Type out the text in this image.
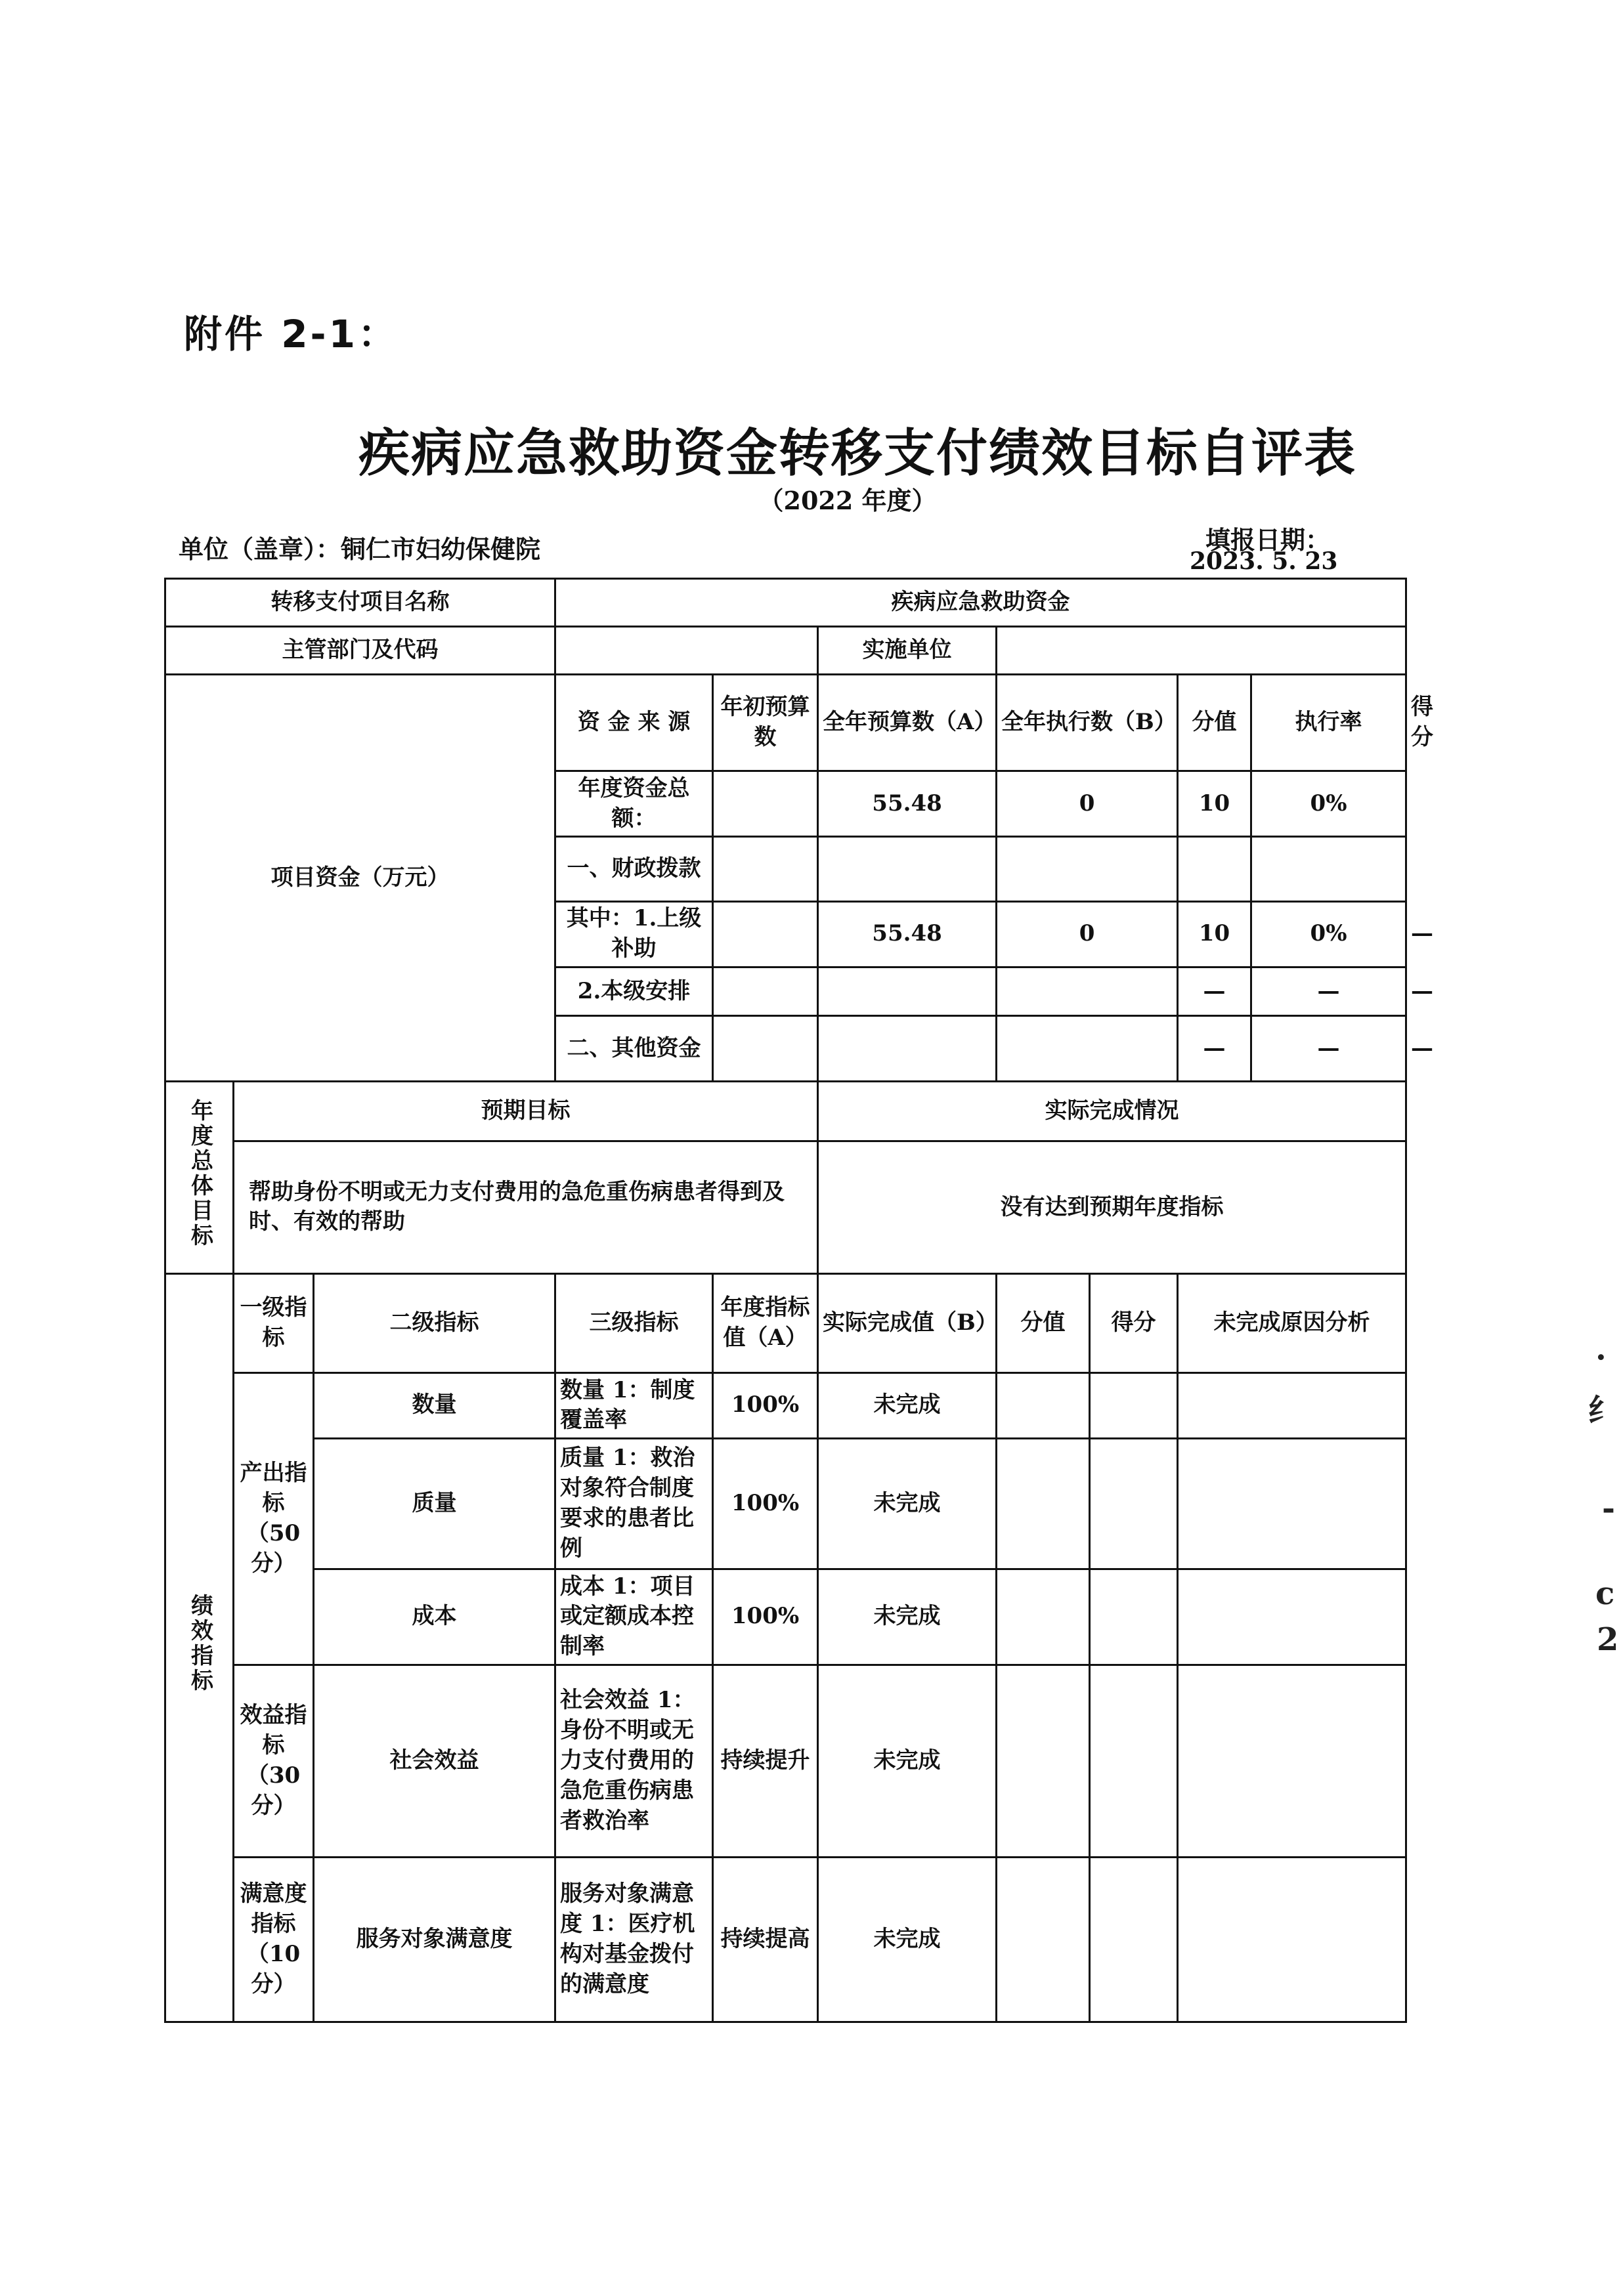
附件 2-1：
疾病应急救助资金转移支付绩效目标自评表
（2022 年度）
单位（盖章）：铜仁市妇幼保健院	填报日期：
2023. 5. 23
转移支付项目名称			疾病应急救助资金							
主管部门及代码					实施单位					
项目资金（万元）			资 金 来 源	年初预算数	全年预算数（A）	全年执行数（B）		分值	执行率	得分
			年度资金总额：		55.48	0		10	0%	
			一、财政拨款							
			其中：1.上级补助		55.48	0		10	0%	—
			2.本级安排					—	—	—
			二、其他资金					—	—	—
年度总体目标	预期目标				实际完成情况					
	帮助身份不明或无力支付费用的急危重伤病患者得到及时、有效的帮助				没有达到预期年度指标					
绩效指标	一级指标	二级指标	三级指标	年度指标值（A）	实际完成值（B）	分值	得分	未完成原因分析		
	产出指标（50分）	数量	数量 1：制度覆盖率	100%	未完成					
		质量	质量 1：救治对象符合制度要求的患者比例	100%	未完成					
		成本	成本 1：项目或定额成本控制率	100%	未完成					
	效益指标（30分）	社会效益	社会效益 1：身份不明或无力支付费用的急危重伤病患者救治率	持续提升	未完成					
	满意度指标（10分）	服务对象满意度	服务对象满意度 1：医疗机构对基金拨付的满意度	持续提高	未完成					
·
纟
-
c
2
